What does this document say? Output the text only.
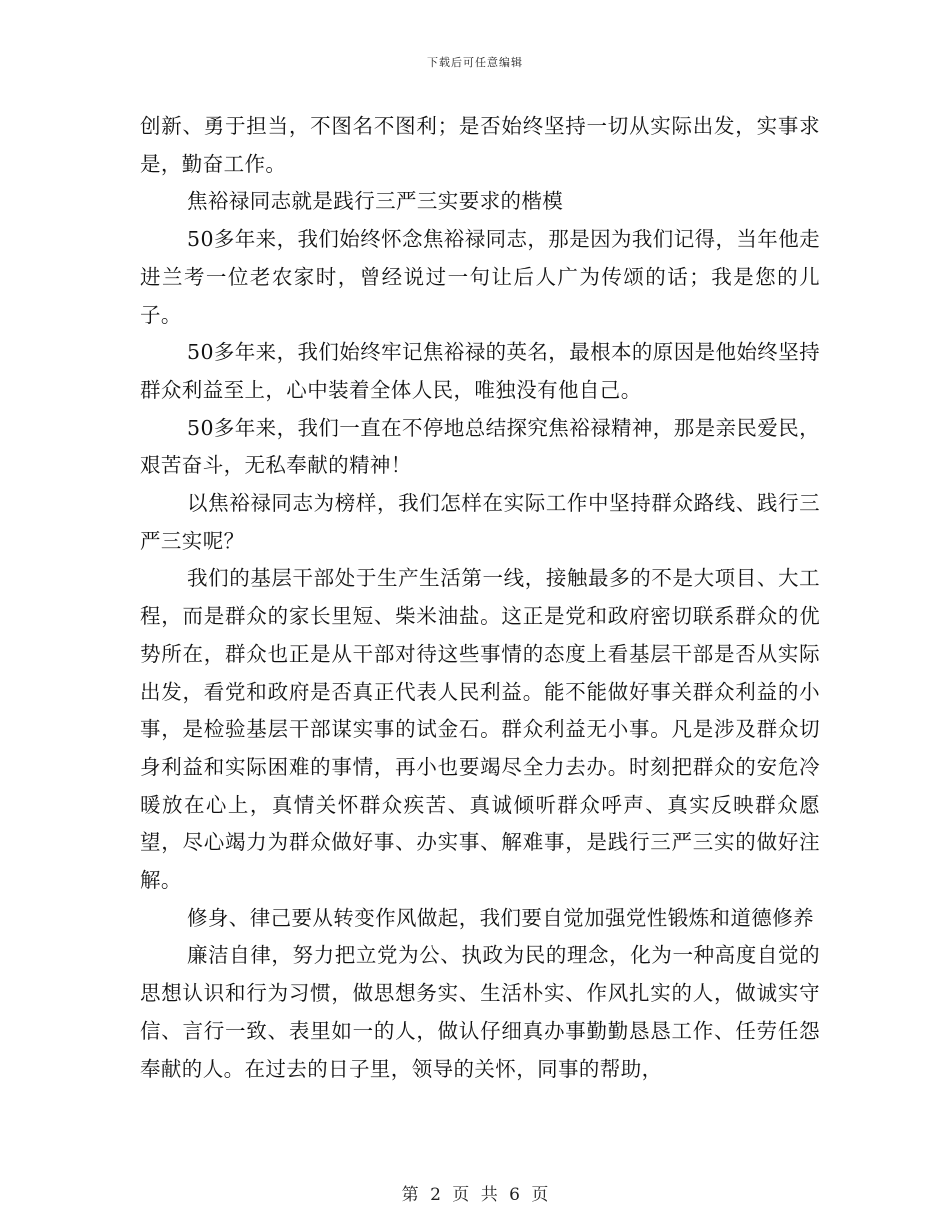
下载后可任意编辑

创新、勇于担当，不图名不图利；是否始终坚持一切从实际出发，实事求是，勤奋工作。

焦裕禄同志就是践行三严三实要求的楷模

50多年来，我们始终怀念焦裕禄同志，那是因为我们记得，当年他走进兰考一位老农家时，曾经说过一句让后人广为传颂的话；我是您的儿子。

50多年来，我们始终牢记焦裕禄的英名，最根本的原因是他始终坚持群众利益至上，心中装着全体人民，唯独没有他自己。

50多年来，我们一直在不停地总结探究焦裕禄精神，那是亲民爱民，艰苦奋斗，无私奉献的精神！

以焦裕禄同志为榜样，我们怎样在实际工作中坚持群众路线、践行三严三实呢？

我们的基层干部处于生产生活第一线，接触最多的不是大项目、大工程，而是群众的家长里短、柴米油盐。这正是党和政府密切联系群众的优势所在，群众也正是从干部对待这些事情的态度上看基层干部是否从实际出发，看党和政府是否真正代表人民利益。能不能做好事关群众利益的小事，是检验基层干部谋实事的试金石。群众利益无小事。凡是涉及群众切身利益和实际困难的事情，再小也要竭尽全力去办。时刻把群众的安危冷暖放在心上，真情关怀群众疾苦、真诚倾听群众呼声、真实反映群众愿望，尽心竭力为群众做好事、办实事、解难事，是践行三严三实的做好注解。

修身、律己要从转变作风做起，我们要自觉加强党性锻炼和道德修养

廉洁自律，努力把立党为公、执政为民的理念，化为一种高度自觉的思想认识和行为习惯，做思想务实、生活朴实、作风扎实的人，做诚实守信、言行一致、表里如一的人，做认仔细真办事勤勤恳恳工作、任劳任怨奉献的人。在过去的日子里，领导的关怀，同事的帮助，

第 2 页 共 6 页
